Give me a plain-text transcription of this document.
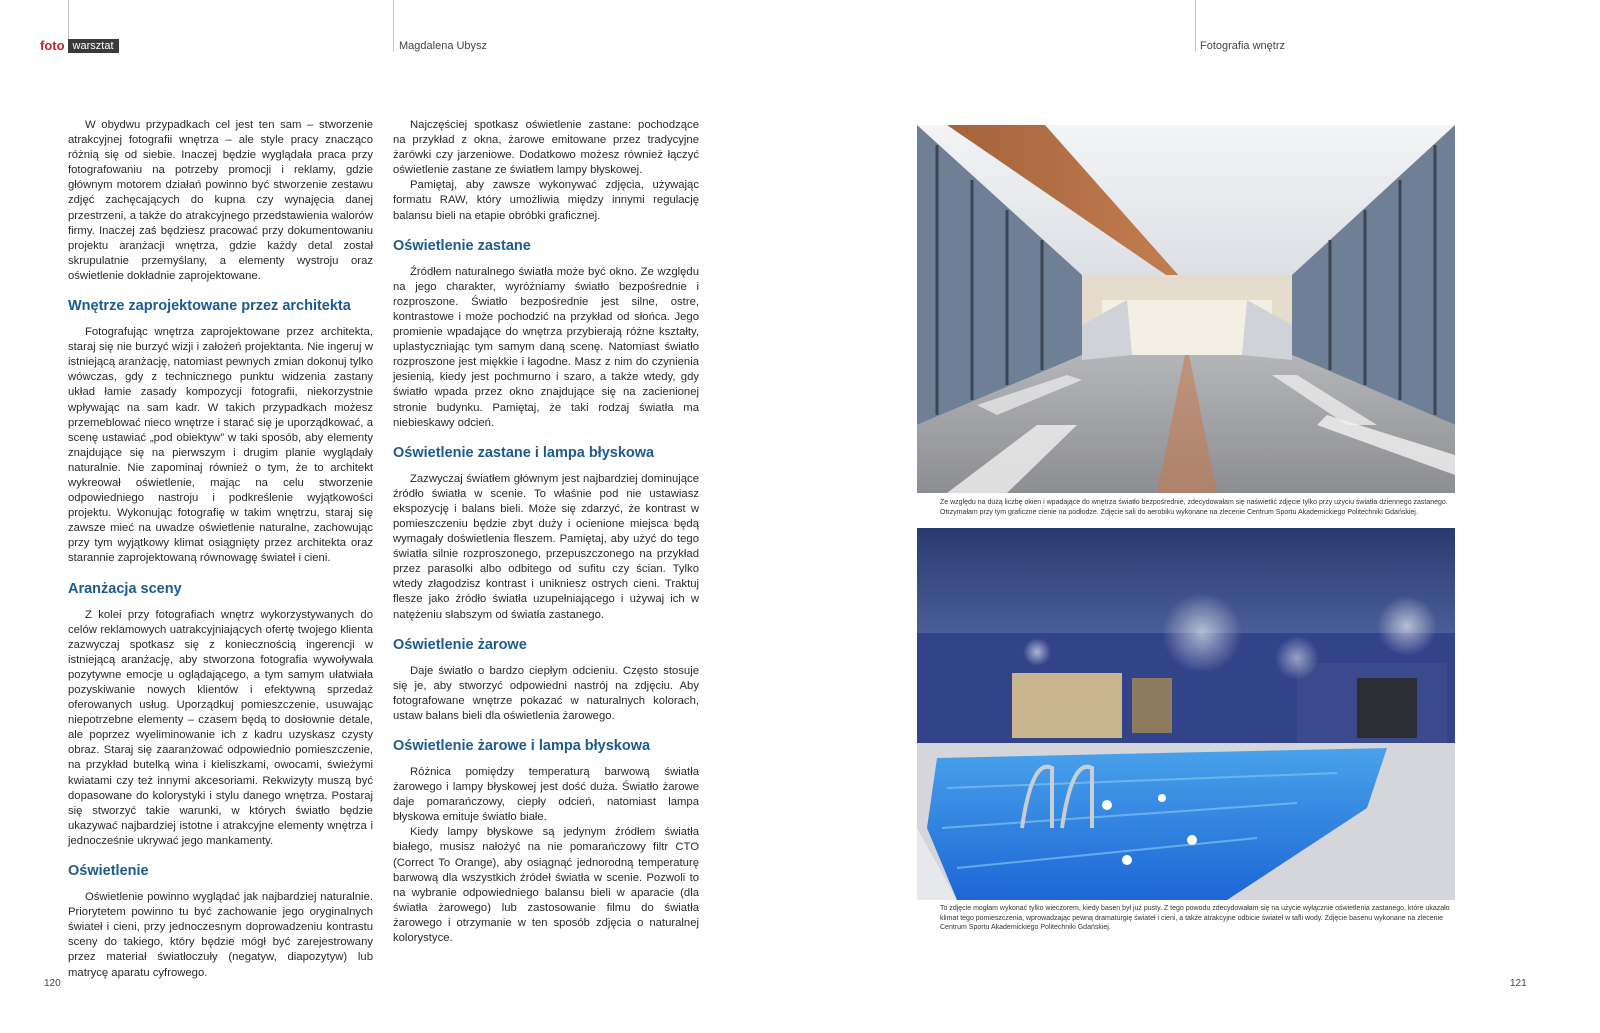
foto warsztat	Magdalena Ubysz	Fotografia wnętrz

W obydwu przypadkach cel jest ten sam – stworzenie atrakcyjnej fotografii wnętrza – ale style pracy znacząco różnią się od siebie. Inaczej będzie wyglądała praca przy fotografowaniu na potrzeby promocji i reklamy, gdzie głównym motorem działań powinno być stworzenie zestawu zdjęć zachęcających do kupna czy wynajęcia danej przestrzeni, a także do atrakcyjnego przedstawienia walorów firmy. Inaczej zaś będziesz pracować przy dokumentowaniu projektu aranżacji wnętrza, gdzie każdy detal został skrupulatnie przemyślany, a elementy wystroju oraz oświetlenie dokładnie zaprojektowane.

Wnętrze zaprojektowane przez architekta

Fotografując wnętrza zaprojektowane przez architekta, staraj się nie burzyć wizji i założeń projektanta. Nie ingeruj w istniejącą aranżację, natomiast pewnych zmian dokonuj tylko wówczas, gdy z technicznego punktu widzenia zastany układ łamie zasady kompozycji fotografii, niekorzystnie wpływając na sam kadr. W takich przypadkach możesz przemeblować nieco wnętrze i starać się je uporządkować, a scenę ustawiać „pod obiektyw” w taki sposób, aby elementy znajdujące się na pierwszym i drugim planie wyglądały naturalnie. Nie zapominaj również o tym, że to architekt wykreował oświetlenie, mając na celu stworzenie odpowiedniego nastroju i podkreślenie wyjątkowości projektu. Wykonując fotografię w takim wnętrzu, staraj się zawsze mieć na uwadze oświetlenie naturalne, zachowując przy tym wyjątkowy klimat osiągnięty przez architekta oraz starannie zaprojektowaną równowagę świateł i cieni.

Aranżacja sceny

Z kolei przy fotografiach wnętrz wykorzystywanych do celów reklamowych uatrakcyjniających ofertę twojego klienta zazwyczaj spotkasz się z koniecznością ingerencji w istniejącą aranżację, aby stworzona fotografia wywoływała pozytywne emocje u oglądającego, a tym samym ułatwiała pozyskiwanie nowych klientów i efektywną sprzedaż oferowanych usług. Uporządkuj pomieszczenie, usuwając niepotrzebne elementy – czasem będą to dosłownie detale, ale poprzez wyeliminowanie ich z kadru uzyskasz czysty obraz. Staraj się zaaranżować odpowiednio pomieszczenie, na przykład butelką wina i kieliszkami, owocami, świeżymi kwiatami czy też innymi akcesoriami. Rekwizyty muszą być dopasowane do kolorystyki i stylu danego wnętrza. Postaraj się stworzyć takie warunki, w których światło będzie ukazywać najbardziej istotne i atrakcyjne elementy wnętrza i jednocześnie ukrywać jego mankamenty.

Oświetlenie

Oświetlenie powinno wyglądać jak najbardziej naturalnie. Priorytetem powinno tu być zachowanie jego oryginalnych świateł i cieni, przy jednoczesnym doprowadzeniu kontrastu sceny do takiego, który będzie mógł być zarejestrowany przez materiał światłoczuły (negatyw, diapozytyw) lub matrycę aparatu cyfrowego.

Najczęściej spotkasz oświetlenie zastane: pochodzące na przykład z okna, żarowe emitowane przez tradycyjne żarówki czy jarzeniowe. Dodatkowo możesz również łączyć oświetlenie zastane ze światłem lampy błyskowej.

Pamiętaj, aby zawsze wykonywać zdjęcia, używając formatu RAW, który umożliwia między innymi regulację balansu bieli na etapie obróbki graficznej.

Oświetlenie zastane

Źródłem naturalnego światła może być okno. Ze względu na jego charakter, wyróżniamy światło bezpośrednie i rozproszone. Światło bezpośrednie jest silne, ostre, kontrastowe i może pochodzić na przykład od słońca. Jego promienie wpadające do wnętrza przybierają różne kształty, uplastyczniając tym samym daną scenę. Natomiast światło rozproszone jest miękkie i łagodne. Masz z nim do czynienia jesienią, kiedy jest pochmurno i szaro, a także wtedy, gdy światło wpada przez okno znajdujące się na zacienionej stronie budynku. Pamiętaj, że taki rodzaj światła ma niebieskawy odcień.

Oświetlenie zastane i lampa błyskowa

Zazwyczaj światłem głównym jest najbardziej dominujące źródło światła w scenie. To właśnie pod nie ustawiasz ekspozycję i balans bieli. Może się zdarzyć, że kontrast w pomieszczeniu będzie zbyt duży i ocienione miejsca będą wymagały doświetlenia fleszem. Pamiętaj, aby użyć do tego światła silnie rozproszonego, przepuszczonego na przykład przez parasolki albo odbitego od sufitu czy ścian. Tylko wtedy złagodzisz kontrast i unikniesz ostrych cieni. Traktuj flesze jako źródło światła uzupełniającego i używaj ich w natężeniu słabszym od światła zastanego.

Oświetlenie żarowe

Daje światło o bardzo ciepłym odcieniu. Często stosuje się je, aby stworzyć odpowiedni nastrój na zdjęciu. Aby fotografowane wnętrze pokazać w naturalnych kolorach, ustaw balans bieli dla oświetlenia żarowego.

Oświetlenie żarowe i lampa błyskowa

Różnica pomiędzy temperaturą barwową światła żarowego i lampy błyskowej jest dość duża. Światło żarowe daje pomarańczowy, ciepły odcień, natomiast lampa błyskowa emituje światło białe.

Kiedy lampy błyskowe są jedynym źródłem światła białego, musisz nałożyć na nie pomarańczowy filtr CTO (Correct To Orange), aby osiągnąć jednorodną temperaturę barwową dla wszystkich źródeł światła w scenie. Pozwoli to na wybranie odpowiedniego balansu bieli w aparacie (dla światła żarowego) lub zastosowanie filmu do światła żarowego i otrzymanie w ten sposób zdjęcia o naturalnej kolorystyce.

Ze względu na dużą liczbę okien i wpadające do wnętrza światło bezpośrednie, zdecydowałam się naświetlić zdjęcie tylko przy użyciu światła dziennego zastanego. Otrzymałam przy tym graficzne cienie na podłodze. Zdjęcie sali do aerobiku wykonane na zlecenie Centrum Sportu Akademickiego Politechniki Gdańskiej.
To zdjęcie mogłam wykonać tylko wieczorem, kiedy basen był już pusty. Z tego powodu zdecydowałam się na użycie wyłącznie oświetlenia zastanego, które ukazało klimat tego pomieszczenia, wprowadzając pewną dramaturgię świateł i cieni, a także atrakcyjne odbicie świateł w tafli wody. Zdjęcie basenu wykonane na zlecenie Centrum Sportu Akademickiego Politechniki Gdańskiej.
120	121
